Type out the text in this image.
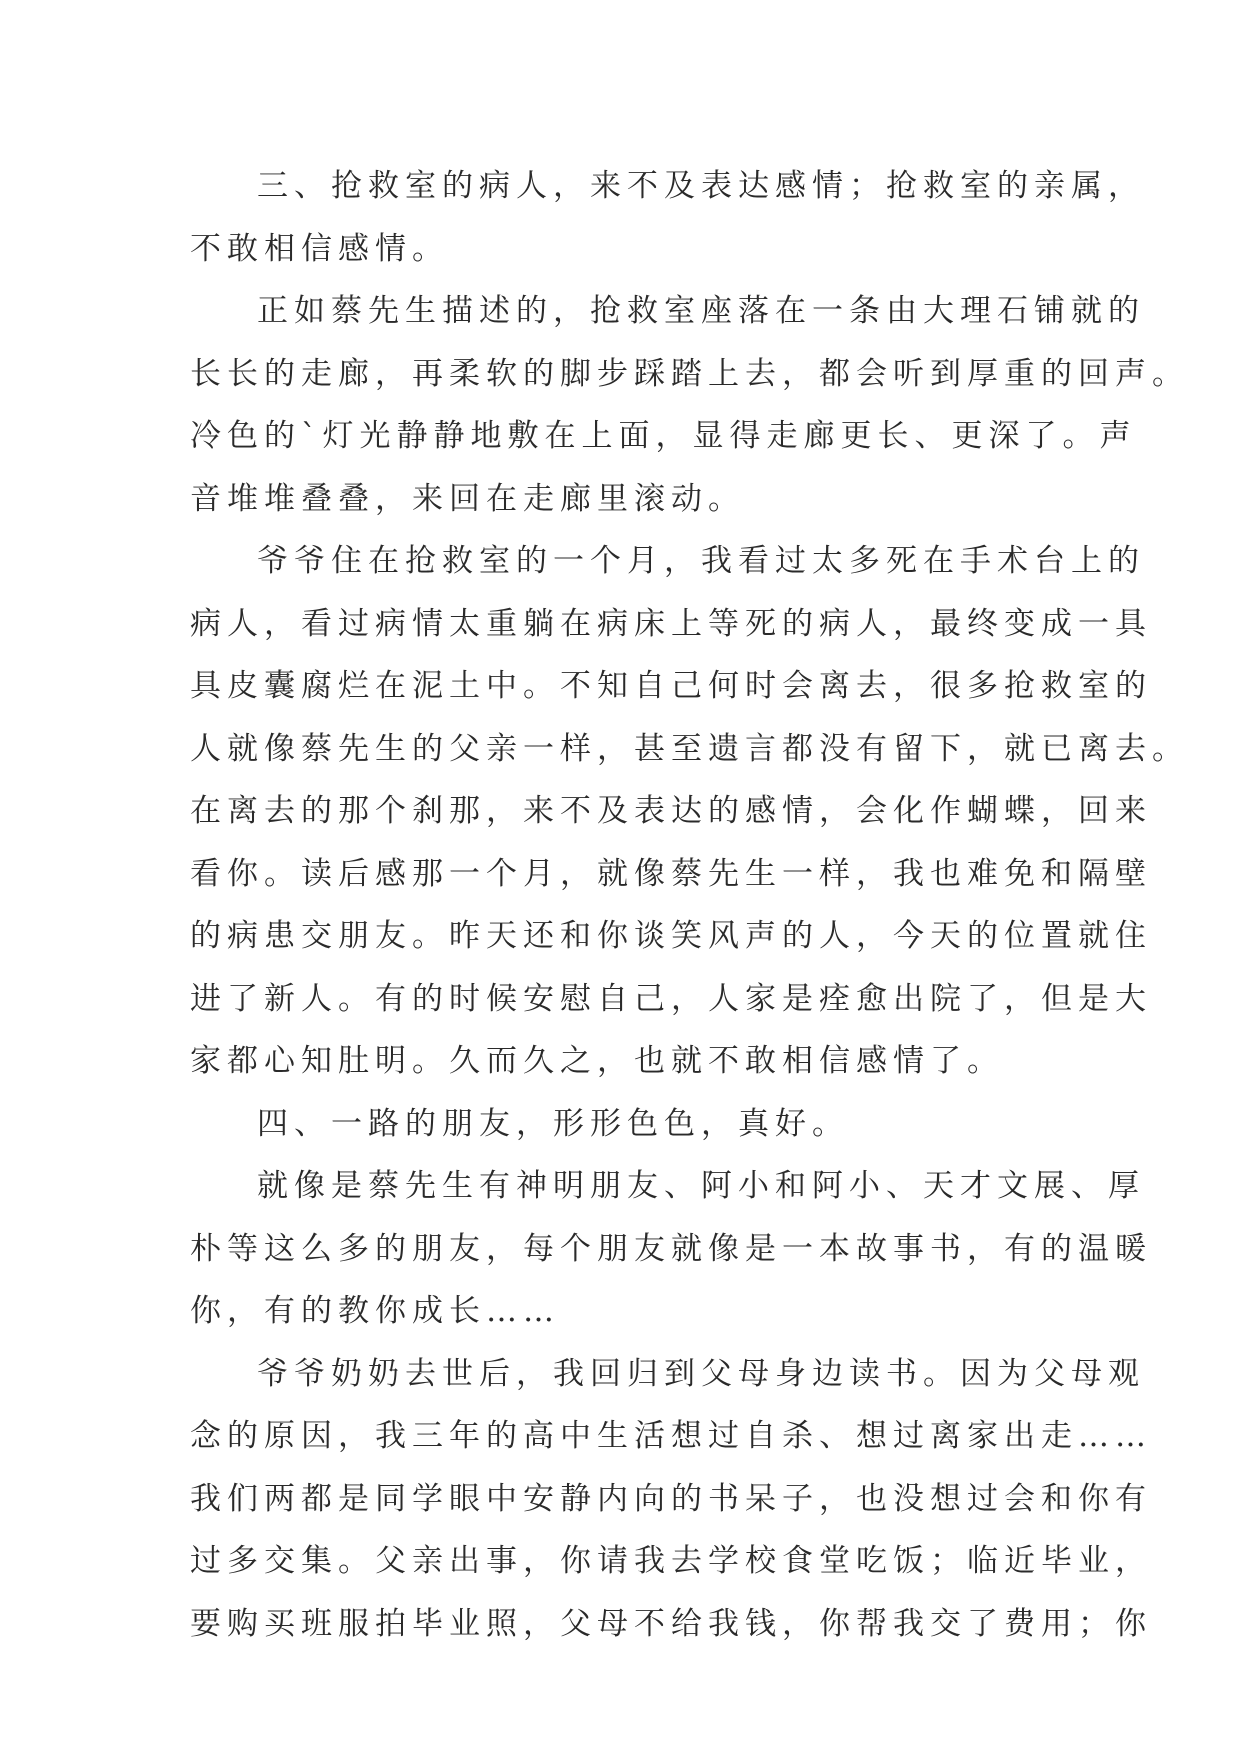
三、抢救室的病人，来不及表达感情；抢救室的亲属，
不敢相信感情。
正如蔡先生描述的，抢救室座落在一条由大理石铺就的
长长的走廊，再柔软的脚步踩踏上去，都会听到厚重的回声。
冷色的`灯光静静地敷在上面，显得走廊更长、更深了。声
音堆堆叠叠，来回在走廊里滚动。
爷爷住在抢救室的一个月，我看过太多死在手术台上的
病人，看过病情太重躺在病床上等死的病人，最终变成一具
具皮囊腐烂在泥土中。不知自己何时会离去，很多抢救室的
人就像蔡先生的父亲一样，甚至遗言都没有留下，就已离去。
在离去的那个刹那，来不及表达的感情，会化作蝴蝶，回来
看你。读后感那一个月，就像蔡先生一样，我也难免和隔壁
的病患交朋友。昨天还和你谈笑风声的人，今天的位置就住
进了新人。有的时候安慰自己，人家是痊愈出院了，但是大
家都心知肚明。久而久之，也就不敢相信感情了。
四、一路的朋友，形形色色，真好。
就像是蔡先生有神明朋友、阿小和阿小、天才文展、厚
朴等这么多的朋友，每个朋友就像是一本故事书，有的温暖
你，有的教你成长……
爷爷奶奶去世后，我回归到父母身边读书。因为父母观
念的原因，我三年的高中生活想过自杀、想过离家出走……
我们两都是同学眼中安静内向的书呆子，也没想过会和你有
过多交集。父亲出事，你请我去学校食堂吃饭；临近毕业，
要购买班服拍毕业照，父母不给我钱，你帮我交了费用；你
